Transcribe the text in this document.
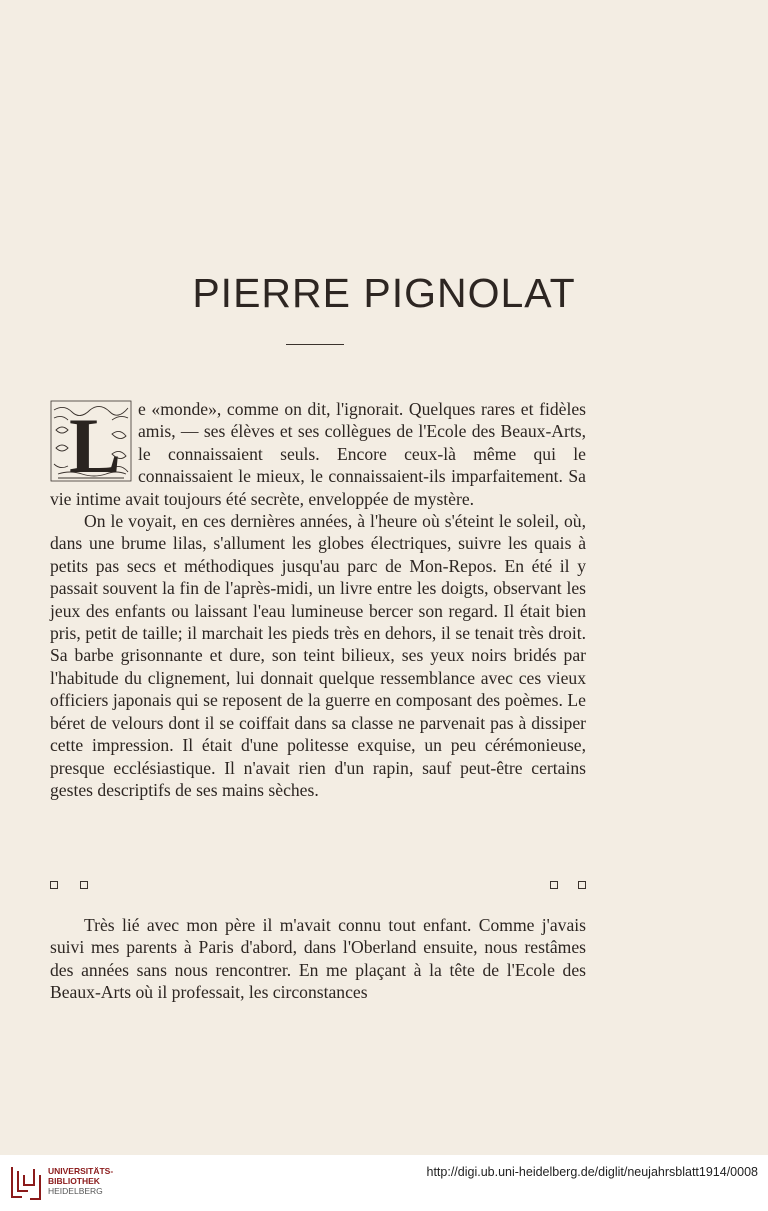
PIERRE PIGNOLAT
L e «monde», comme on dit, l'ignorait. Quelques rares et fidèles amis, — ses élèves et ses collègues de l'Ecole des Beaux-Arts, le connaissaient seuls. Encore ceux-là même qui le connaissaient le mieux, le connaissaient-ils imparfaitement. Sa vie intime avait toujours été secrète, enveloppée de mystère.

On le voyait, en ces dernières années, à l'heure où s'éteint le soleil, où, dans une brume lilas, s'allument les globes électriques, suivre les quais à petits pas secs et méthodiques jusqu'au parc de Mon-Repos. En été il y passait souvent la fin de l'après-midi, un livre entre les doigts, observant les jeux des enfants ou laissant l'eau lumineuse bercer son regard. Il était bien pris, petit de taille; il marchait les pieds très en dehors, il se tenait très droit. Sa barbe grisonnante et dure, son teint bilieux, ses yeux noirs bridés par l'habitude du clignement, lui donnait quelque ressemblance avec ces vieux officiers japonais qui se reposent de la guerre en composant des poèmes. Le béret de velours dont il se coiffait dans sa classe ne parvenait pas à dissiper cette impression. Il était d'une politesse exquise, un peu cérémonieuse, presque ecclésiastique. Il n'avait rien d'un rapin, sauf peut-être certains gestes descriptifs de ses mains sèches.

Très lié avec mon père il m'avait connu tout enfant. Comme j'avais suivi mes parents à Paris d'abord, dans l'Oberland ensuite, nous restâmes des années sans nous rencontrer. En me plaçant à la tête de l'Ecole des Beaux-Arts où il professait, les circonstances

UNIVERSITÄTS-
BIBLIOTHEK
HEIDELBERG
http://digi.ub.uni-heidelberg.de/diglit/neujahrsblatt1914/0008
